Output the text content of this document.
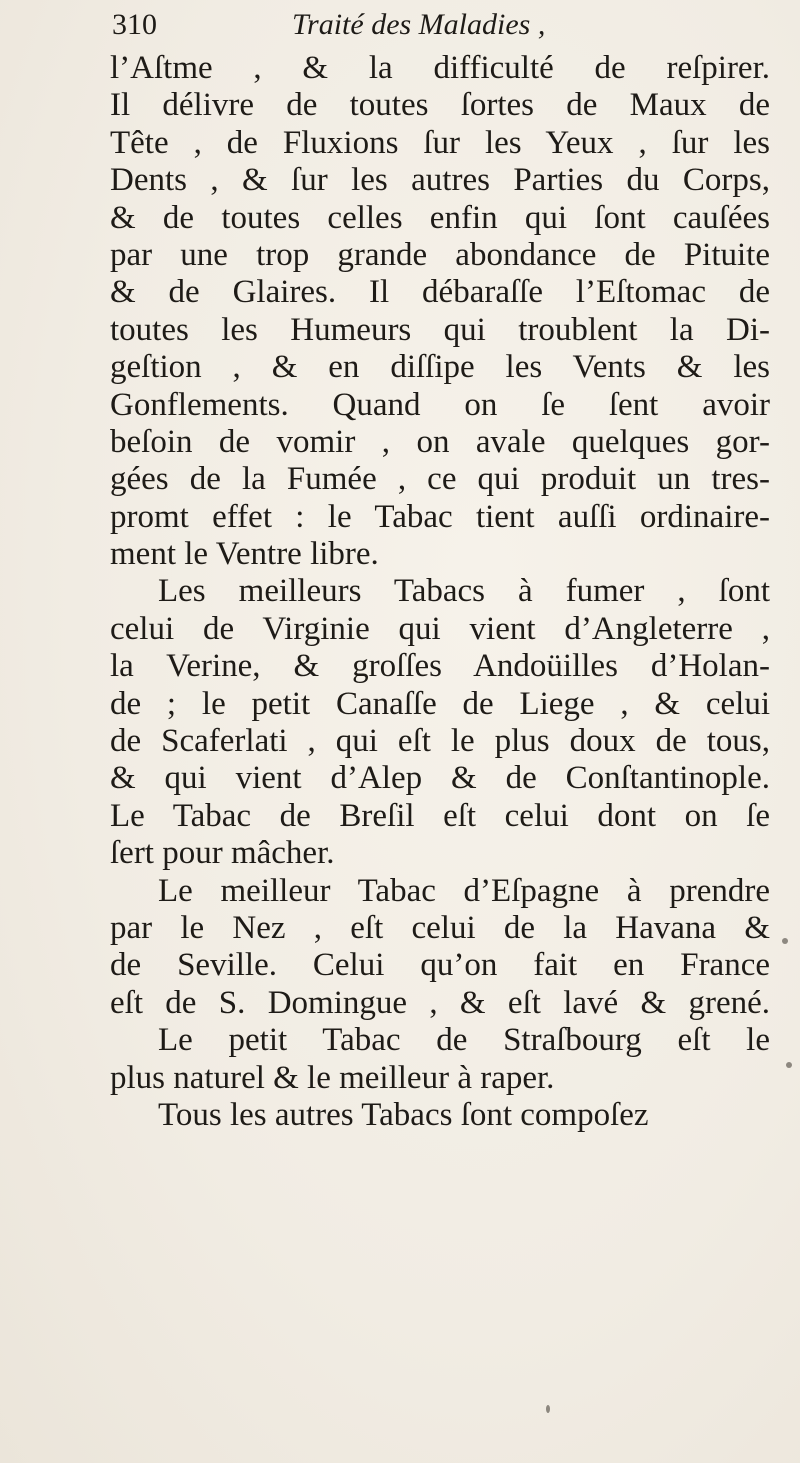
310	Traité des Maladies ,
l’Aſtme , & la difficulté de reſpirer.
Il délivre de toutes ſortes de Maux de
Tête , de Fluxions ſur les Yeux , ſur les
Dents , & ſur les autres Parties du Corps,
& de toutes celles enfin qui ſont cauſées
par une trop grande abondance de Pituite
& de Glaires. Il débaraſſe l’Eſtomac de
toutes les Humeurs qui troublent la Di-
geſtion , & en diſſipe les Vents & les
Gonflements. Quand on ſe ſent avoir
beſoin de vomir , on avale quelques gor-
gées de la Fumée , ce qui produit un tres-
promt effet : le Tabac tient auſſi ordinaire-
ment le Ventre libre.
Les meilleurs Tabacs à fumer , ſont
celui de Virginie qui vient d’Angleterre ,
la Verine, & groſſes Andoüilles d’Holan-
de ; le petit Canaſſe de Liege , & celui
de Scaferlati , qui eſt le plus doux de tous,
& qui vient d’Alep & de Conſtantinople.
Le Tabac de Breſil eſt celui dont on ſe
ſert pour mâcher.
Le meilleur Tabac d’Eſpagne à prendre
par le Nez , eſt celui de la Havana &
de Seville. Celui qu’on fait en France
eſt de S. Domingue , & eſt lavé & grené.
Le petit Tabac de Straſbourg eſt le
plus naturel & le meilleur à raper.
Tous les autres Tabacs ſont compoſez
